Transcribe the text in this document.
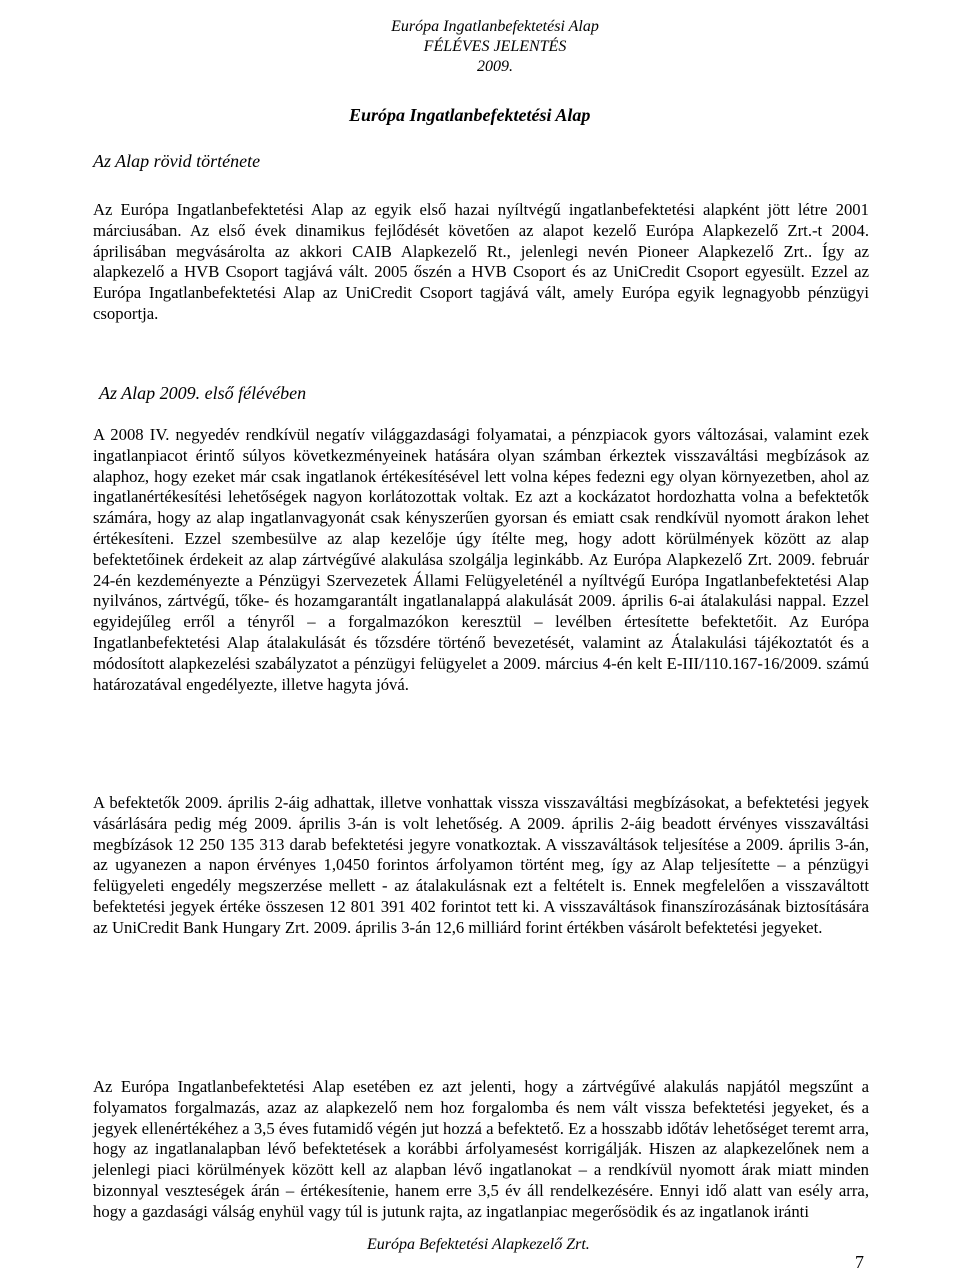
Európa Ingatlanbefektetési Alap
FÉLÉVES JELENTÉS
2009.
Európa Ingatlanbefektetési Alap
Az Alap rövid története

Az Európa Ingatlanbefektetési Alap az egyik első hazai nyíltvégű ingatlanbefektetési alapként jött létre 2001 márciusában. Az első évek dinamikus fejlődését követően az alapot kezelő Európa Alapkezelő Zrt.-t 2004. áprilisában megvásárolta az akkori CAIB Alapkezelő Rt., jelenlegi nevén Pioneer Alapkezelő Zrt.. Így az alapkezelő a HVB Csoport tagjává vált. 2005 őszén a HVB Csoport és az UniCredit Csoport egyesült. Ezzel az Európa Ingatlanbefektetési Alap az UniCredit Csoport tagjává vált, amely Európa egyik legnagyobb pénzügyi csoportja.

Az Alap 2009. első félévében

A 2008 IV. negyedév rendkívül negatív világgazdasági folyamatai, a pénzpiacok gyors változásai, valamint ezek ingatlanpiacot érintő súlyos következményeinek hatására olyan számban érkeztek visszaváltási megbízások az alaphoz, hogy ezeket már csak ingatlanok értékesítésével lett volna képes fedezni egy olyan környezetben, ahol az ingatlanértékesítési lehetőségek nagyon korlátozottak voltak. Ez azt a kockázatot hordozhatta volna a befektetők számára, hogy az alap ingatlanvagyonát csak kényszerűen gyorsan és emiatt csak rendkívül nyomott árakon lehet értékesíteni. Ezzel szembesülve az alap kezelője úgy ítélte meg, hogy adott körülmények között az alap befektetőinek érdekeit az alap zártvégűvé alakulása szolgálja leginkább. Az Európa Alapkezelő Zrt. 2009. február 24-én kezdeményezte a Pénzügyi Szervezetek Állami Felügyeleténél a nyíltvégű Európa Ingatlanbefektetési Alap nyilvános, zártvégű, tőke- és hozamgarantált ingatlanalappá alakulását 2009. április 6-ai átalakulási nappal. Ezzel egyidejűleg erről a tényről – a forgalmazókon keresztül – levélben értesítette befektetőit. Az Európa Ingatlanbefektetési Alap átalakulását és tőzsdére történő bevezetését, valamint az Átalakulási tájékoztatót és a módosított alapkezelési szabályzatot a pénzügyi felügyelet a 2009. március 4-én kelt E-III/110.167-16/2009. számú határozatával engedélyezte, illetve hagyta jóvá.

A befektetők 2009. április 2-áig adhattak, illetve vonhattak vissza visszaváltási megbízásokat, a befektetési jegyek vásárlására pedig még 2009. április 3-án is volt lehetőség. A 2009. április 2-áig beadott érvényes visszaváltási megbízások 12 250 135 313 darab befektetési jegyre vonatkoztak. A visszaváltások teljesítése a 2009. április 3-án, az ugyanezen a napon érvényes 1,0450 forintos árfolyamon történt meg, így az Alap teljesítette – a pénzügyi felügyeleti engedély megszerzése mellett - az átalakulásnak ezt a feltételt is. Ennek megfelelően a visszaváltott befektetési jegyek értéke összesen 12 801 391 402 forintot tett ki. A visszaváltások finanszírozásának biztosítására az UniCredit Bank Hungary Zrt. 2009. április 3-án 12,6 milliárd forint értékben vásárolt befektetési jegyeket.

Az Európa Ingatlanbefektetési Alap esetében ez azt jelenti, hogy a zártvégűvé alakulás napjától megszűnt a folyamatos forgalmazás, azaz az alapkezelő nem hoz forgalomba és nem vált vissza befektetési jegyeket, és a jegyek ellenértékéhez a 3,5 éves futamidő végén jut hozzá a befektető. Ez a hosszabb időtáv lehetőséget teremt arra, hogy az ingatlanalapban lévő befektetések a korábbi árfolyamesést korrigálják. Hiszen az alapkezelőnek nem a jelenlegi piaci körülmények között kell az alapban lévő ingatlanokat – a rendkívül nyomott árak miatt minden bizonnyal veszteségek árán – értékesítenie, hanem erre 3,5 év áll rendelkezésére. Ennyi idő alatt van esély arra, hogy a gazdasági válság enyhül vagy túl is jutunk rajta, az ingatlanpiac megerősödik és az ingatlanok iránti

Európa Befektetési Alapkezelő Zrt.
7
